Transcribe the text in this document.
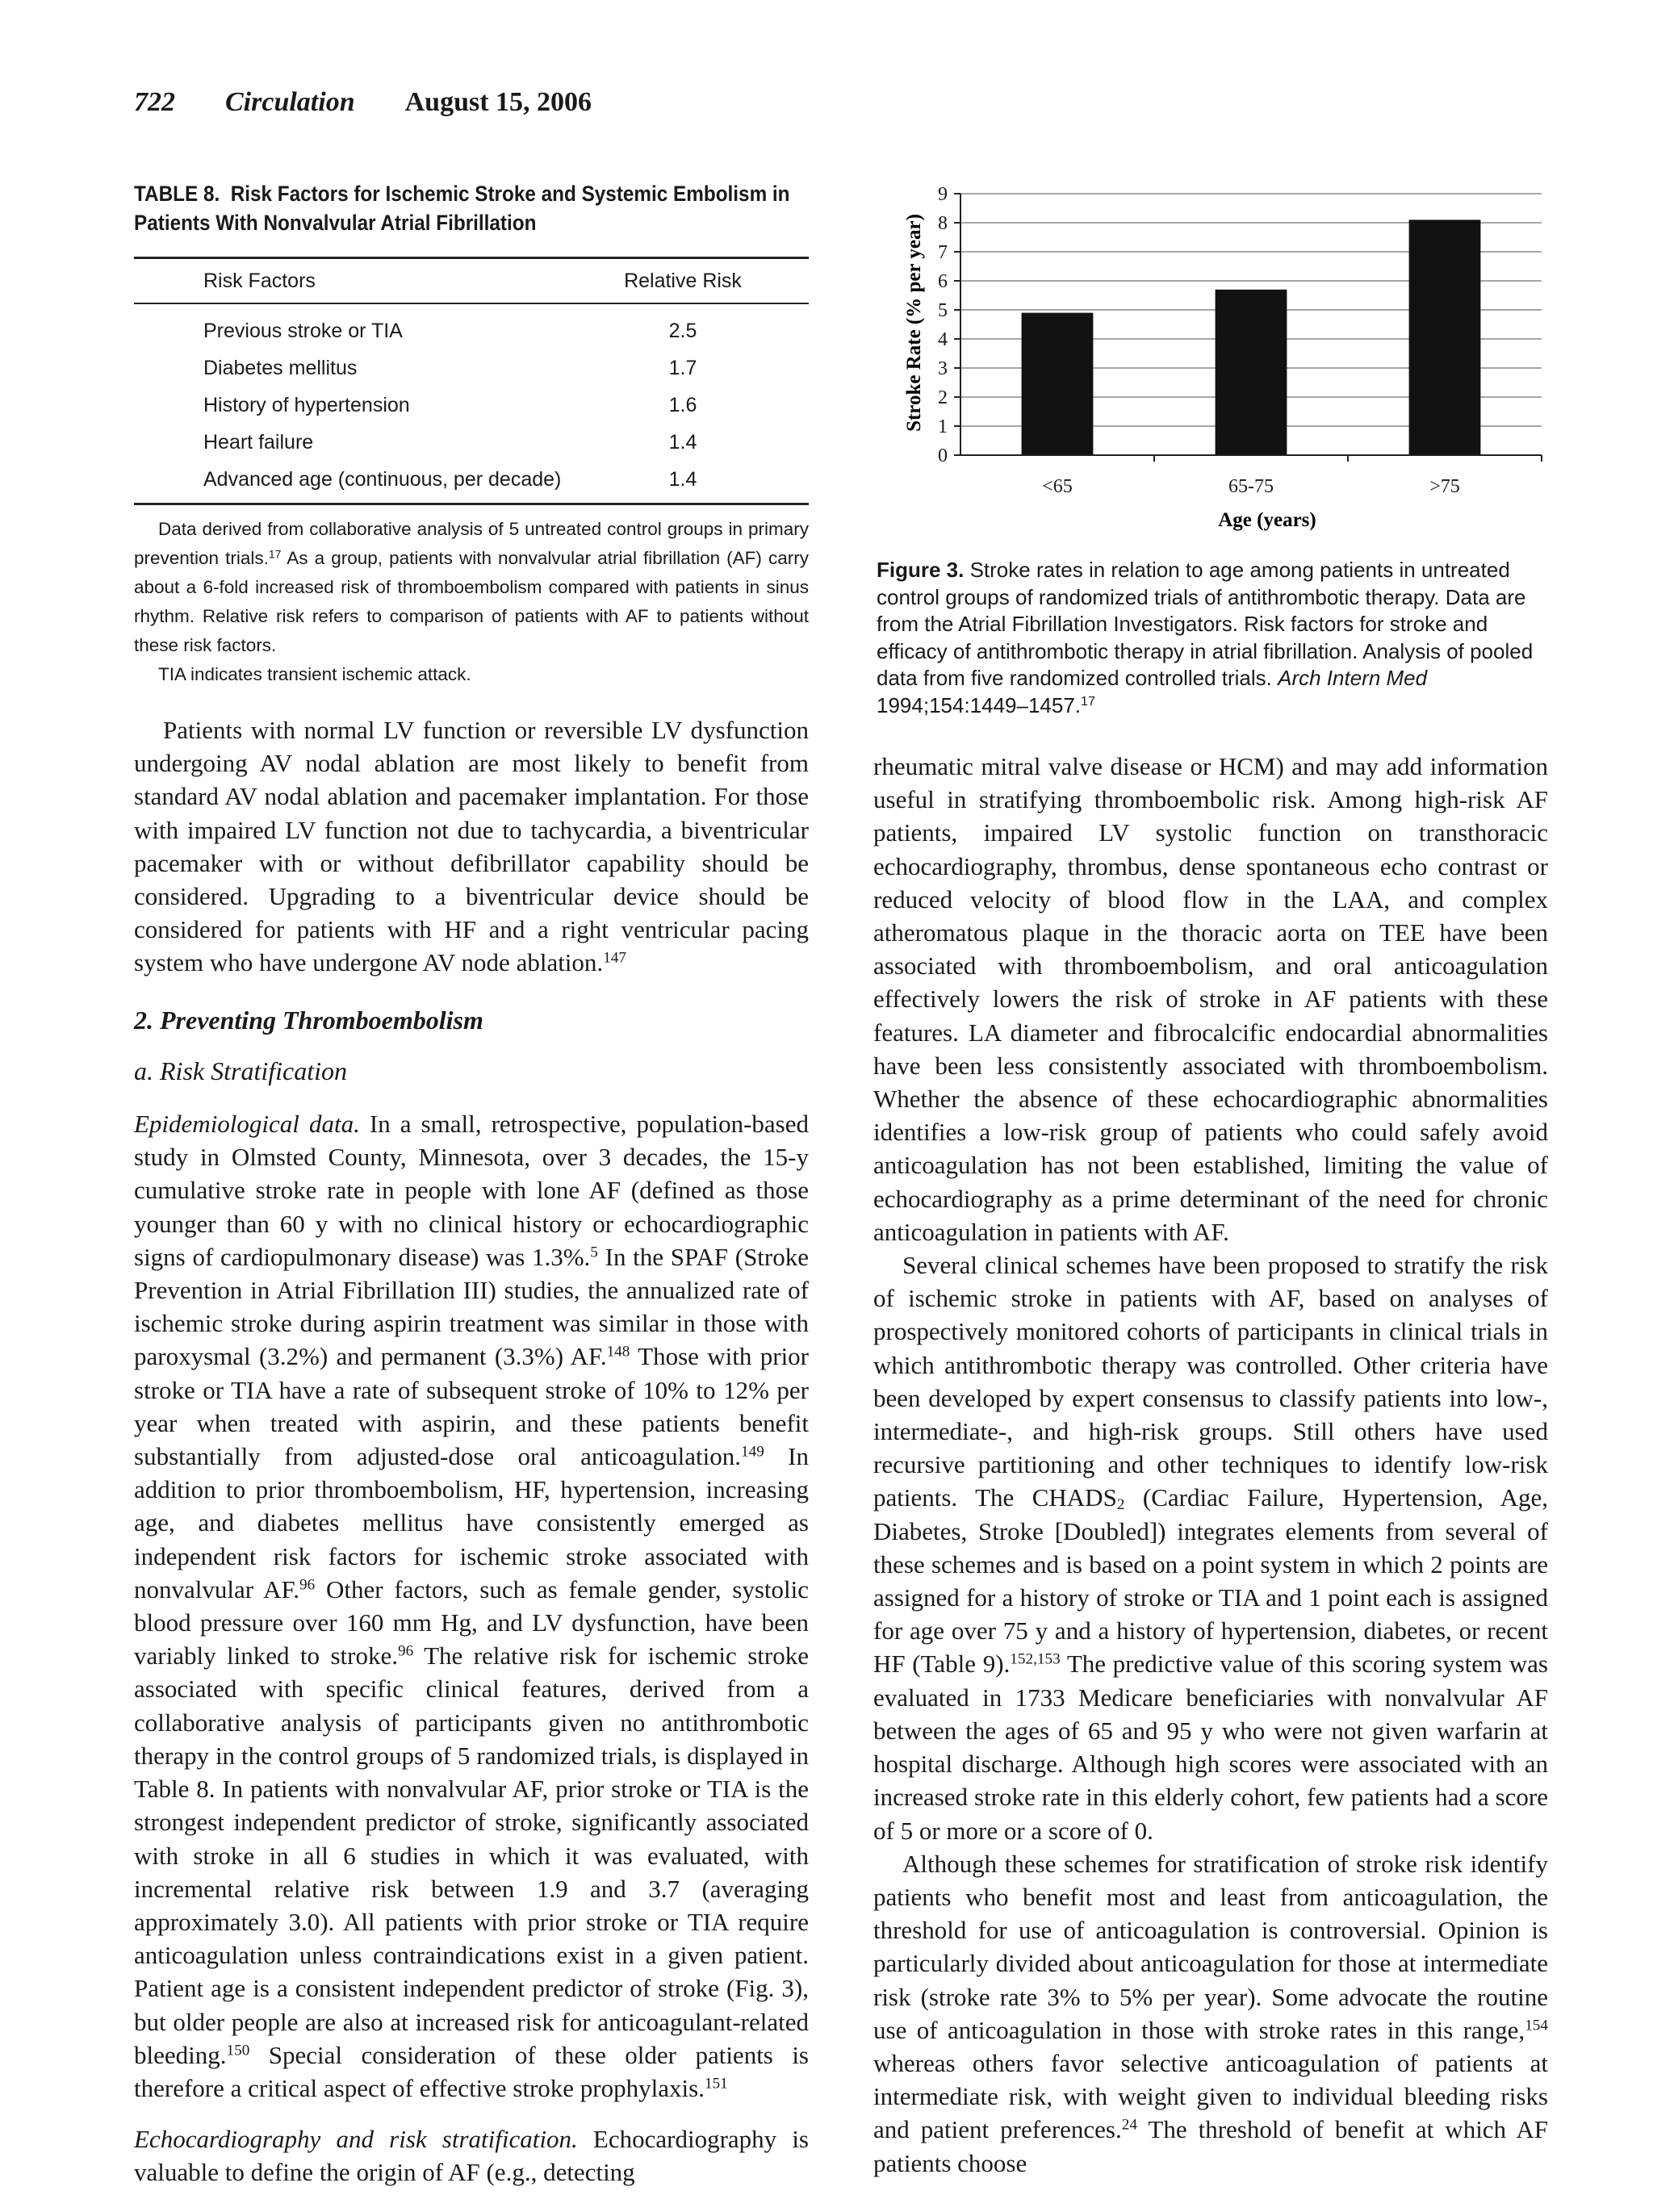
722 Circulation August 15, 2006
TABLE 8. Risk Factors for Ischemic Stroke and Systemic Embolism in Patients With Nonvalvular Atrial Fibrillation
Risk Factors	Relative Risk
Previous stroke or TIA	2.5
Diabetes mellitus	1.7
History of hypertension	1.6
Heart failure	1.4
Advanced age (continuous, per decade)	1.4

Data derived from collaborative analysis of 5 untreated control groups in primary prevention trials.$^{17}$ As a group, patients with nonvalvular atrial fibrillation (AF) carry about a 6-fold increased risk of thromboembolism compared with patients in sinus rhythm. Relative risk refers to comparison of patients with AF to patients without these risk factors.

TIA indicates transient ischemic attack.

Patients with normal LV function or reversible LV dysfunction undergoing AV nodal ablation are most likely to benefit from standard AV nodal ablation and pacemaker implantation. For those with impaired LV function not due to tachycardia, a biventricular pacemaker with or without defibrillator capability should be considered. Upgrading to a biventricular device should be considered for patients with HF and a right ventricular pacing system who have undergone AV node ablation.$^{147}$

2. Preventing Thromboembolism
a. Risk Stratification

Epidemiological data. In a small, retrospective, population-based study in Olmsted County, Minnesota, over 3 decades, the 15-y cumulative stroke rate in people with lone AF (defined as those younger than 60 y with no clinical history or echocardiographic signs of cardiopulmonary disease) was 1.3%.$^5$ In the SPAF (Stroke Prevention in Atrial Fibrillation III) studies, the annualized rate of ischemic stroke during aspirin treatment was similar in those with paroxysmal (3.2%) and permanent (3.3%) AF.$^{148}$ Those with prior stroke or TIA have a rate of subsequent stroke of 10% to 12% per year when treated with aspirin, and these patients benefit substantially from adjusted-dose oral anticoagulation.$^{149}$ In addition to prior thromboembolism, HF, hypertension, increasing age, and diabetes mellitus have consistently emerged as independent risk factors for ischemic stroke associated with nonvalvular AF.$^{96}$ Other factors, such as female gender, systolic blood pressure over 160 mm Hg, and LV dysfunction, have been variably linked to stroke.$^{96}$ The relative risk for ischemic stroke associated with specific clinical features, derived from a collaborative analysis of participants given no antithrombotic therapy in the control groups of 5 randomized trials, is displayed in Table 8. In patients with nonvalvular AF, prior stroke or TIA is the strongest independent predictor of stroke, significantly associated with stroke in all 6 studies in which it was evaluated, with incremental relative risk between 1.9 and 3.7 (averaging approximately 3.0). All patients with prior stroke or TIA require anticoagulation unless contraindications exist in a given patient. Patient age is a consistent independent predictor of stroke (Fig. 3), but older people are also at increased risk for anticoagulant-related bleeding.$^{150}$ Special consideration of these older patients is therefore a critical aspect of effective stroke prophylaxis.$^{151}$

Echocardiography and risk stratification. Echocardiography is valuable to define the origin of AF (e.g., detecting

0
1
2
3
4
5
6
7
8
9
<65	65-75	>75
Stroke Rate (% per year)
Age (years)
Figure 3. Stroke rates in relation to age among patients in untreated control groups of randomized trials of antithrombotic therapy. Data are from the Atrial Fibrillation Investigators. Risk factors for stroke and efficacy of antithrombotic therapy in atrial fibrillation. Analysis of pooled data from five randomized controlled trials. Arch Intern Med 1994;154:1449–1457.17

rheumatic mitral valve disease or HCM) and may add information useful in stratifying thromboembolic risk. Among high-risk AF patients, impaired LV systolic function on transthoracic echocardiography, thrombus, dense spontaneous echo contrast or reduced velocity of blood flow in the LAA, and complex atheromatous plaque in the thoracic aorta on TEE have been associated with thromboembolism, and oral anticoagulation effectively lowers the risk of stroke in AF patients with these features. LA diameter and fibrocalcific endocardial abnormalities have been less consistently associated with thromboembolism. Whether the absence of these echocardiographic abnormalities identifies a low-risk group of patients who could safely avoid anticoagulation has not been established, limiting the value of echocardiography as a prime determinant of the need for chronic anticoagulation in patients with AF.

Several clinical schemes have been proposed to stratify the risk of ischemic stroke in patients with AF, based on analyses of prospectively monitored cohorts of participants in clinical trials in which antithrombotic therapy was controlled. Other criteria have been developed by expert consensus to classify patients into low-, intermediate-, and high-risk groups. Still others have used recursive partitioning and other techniques to identify low-risk patients. The $CHADS_2$ (Cardiac Failure, Hypertension, Age, Diabetes, Stroke [Doubled]) integrates elements from several of these schemes and is based on a point system in which 2 points are assigned for a history of stroke or TIA and 1 point each is assigned for age over 75 y and a history of hypertension, diabetes, or recent HF (Table 9).$^{152,153}$ The predictive value of this scoring system was evaluated in 1733 Medicare beneficiaries with nonvalvular AF between the ages of 65 and 95 y who were not given warfarin at hospital discharge. Although high scores were associated with an increased stroke rate in this elderly cohort, few patients had a score of 5 or more or a score of 0.

Although these schemes for stratification of stroke risk identify patients who benefit most and least from anticoagulation, the threshold for use of anticoagulation is controversial. Opinion is particularly divided about anticoagulation for those at intermediate risk (stroke rate 3% to 5% per year). Some advocate the routine use of anticoagulation in those with stroke rates in this range,$^{154}$ whereas others favor selective anticoagulation of patients at intermediate risk, with weight given to individual bleeding risks and patient preferences.$^{24}$ The threshold of benefit at which AF patients choose
